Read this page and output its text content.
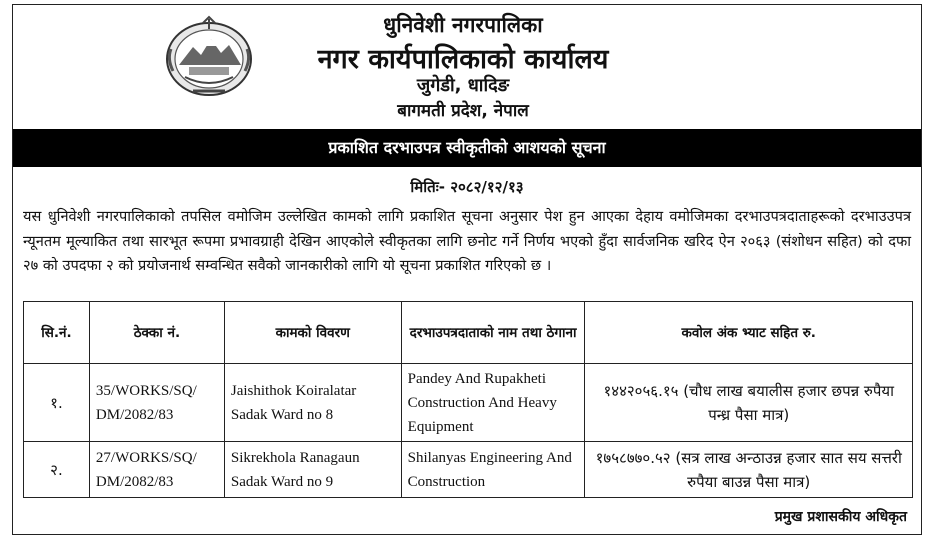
धुनिवेशी नगरपालिका
नगर कार्यपालिकाको कार्यालय
जुगेडी, धादिङ
बागमती प्रदेश, नेपाल
प्रकाशित दरभाउपत्र स्वीकृतीको आशयको सूचना
मितिः- २०८२/१२/१३
यस धुनिवेशी नगरपालिकाको तपसिल वमोजिम उल्लेखित कामको लागि प्रकाशित सूचना अनुसार पेश हुन आएका देहाय वमोजिमका दरभाउपत्रदाताहरूको दरभाउउपत्र न्यूनतम मूल्याकित तथा सारभूत रूपमा प्रभावग्राही देखिन आएकोले स्वीकृतका लागि छनोट गर्ने निर्णय भएको हुँदा सार्वजनिक खरिद ऐन २०६३ (संशोधन सहित) को दफा २७ को उपदफा २ को प्रयोजनार्थ सम्वन्धित सवैको जानकारीको लागि यो सूचना प्रकाशित गरिएको छ ।
सि.नं.	ठेक्का नं.	कामको विवरण	दरभाउपत्रदाताको नाम तथा ठेगाना	कवोल अंक भ्याट सहित रु.
१.	35/WORKS/SQ/ DM/2082/83	Jaishithok Koiralatar Sadak Ward no 8	Pandey And Rupakheti Construction And Heavy Equipment	१४४२०५६.१५ (चौध लाख बयालीस हजार छपन्न रुपैया पन्ध्र पैसा मात्र)
२.	27/WORKS/SQ/ DM/2082/83	Sikrekhola Ranagaun Sadak Ward no 9	Shilanyas Engineering And Construction	१७५८७७०.५२ (सत्र लाख अन्ठाउन्न हजार सात सय सत्तरी रुपैया बाउन्न पैसा मात्र)
प्रमुख प्रशासकीय अधिकृत
